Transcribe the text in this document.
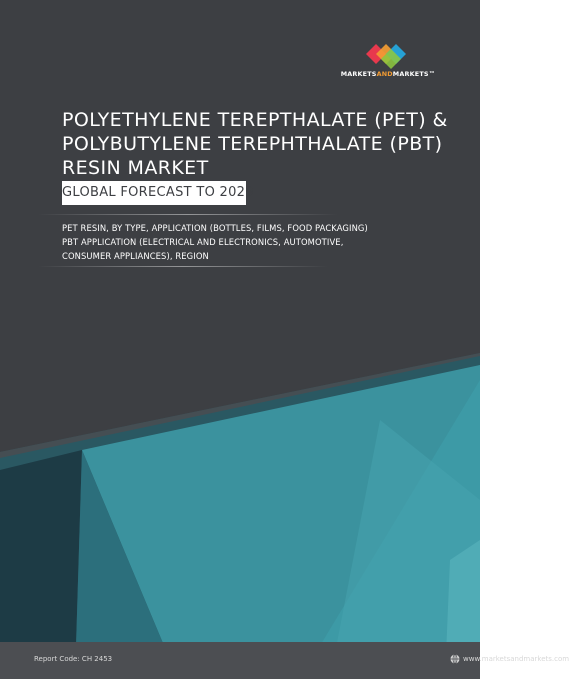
MARKETSANDMARKETS™
POLYETHYLENE TEREPTHALATE (PET) &
POLYBUTYLENE TEREPHTHALATE (PBT)
RESIN MARKET
GLOBAL FORECAST TO 2029
PET RESIN, BY TYPE, APPLICATION (BOTTLES, FILMS, FOOD PACKAGING)
PBT APPLICATION (ELECTRICAL AND ELECTRONICS, AUTOMOTIVE,
CONSUMER APPLIANCES), REGION
Report Code: CH 2453	www.marketsandmarkets.com
